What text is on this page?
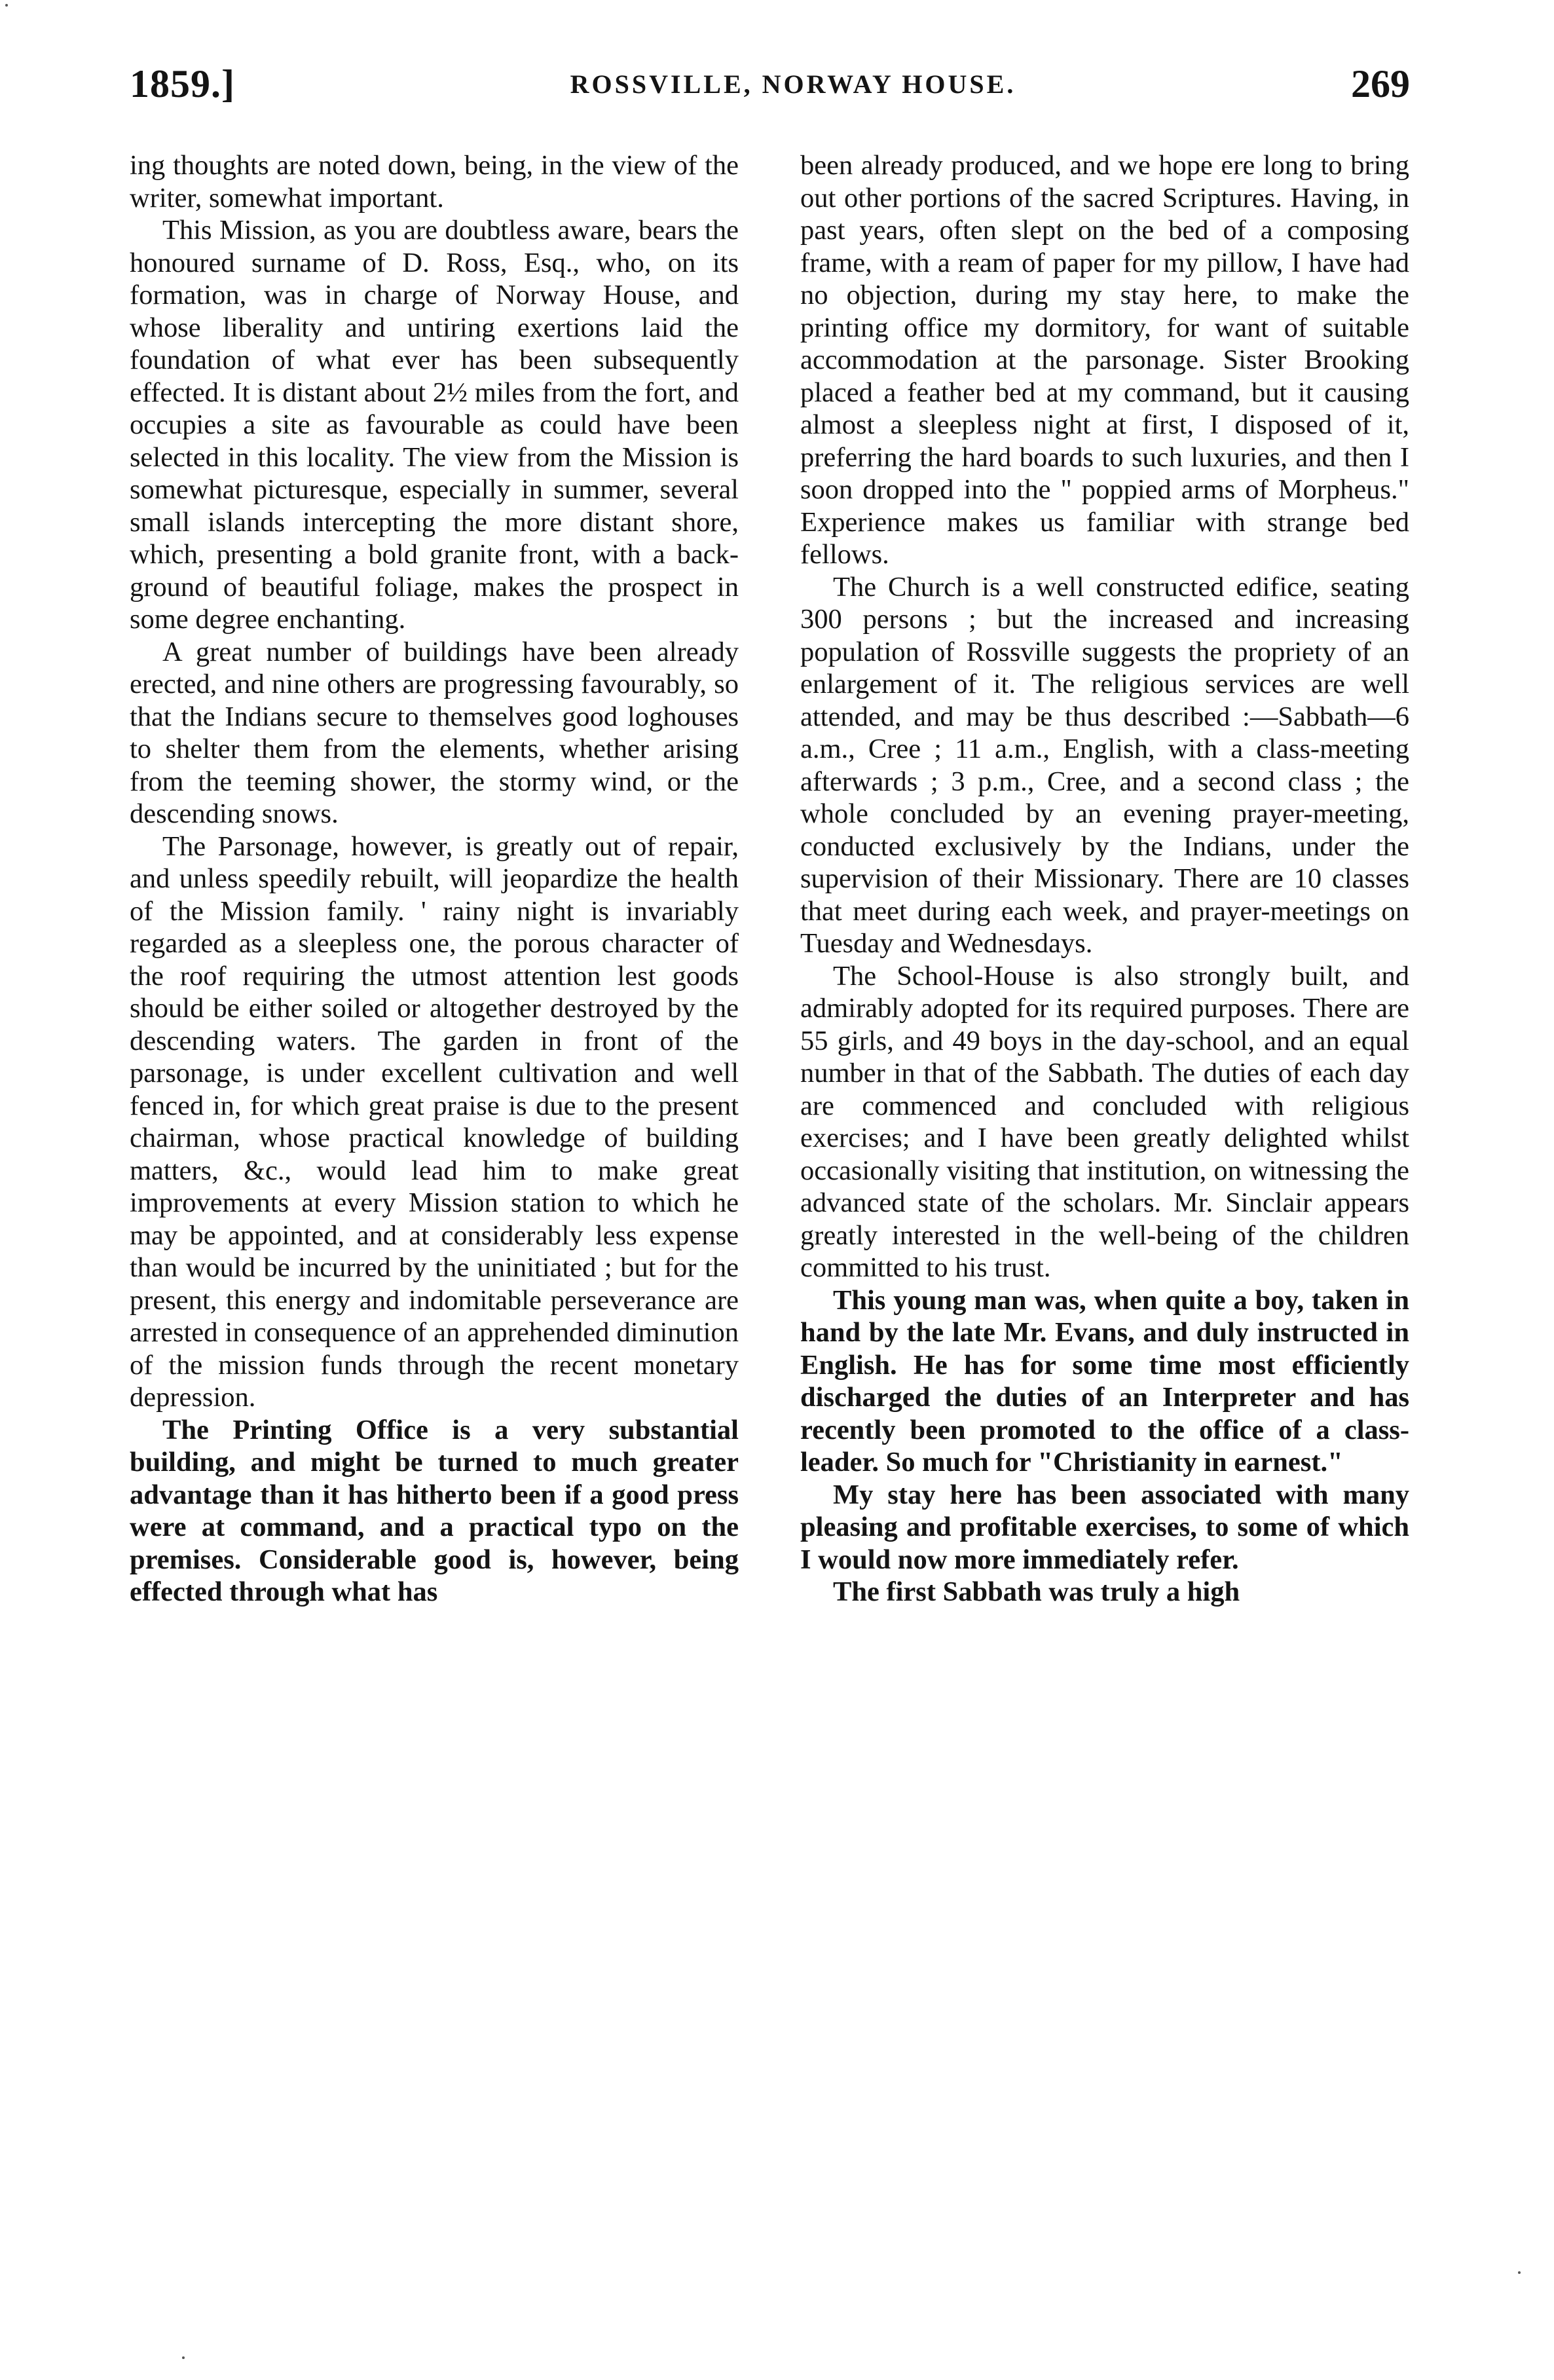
1859.]	ROSSVILLE, NORWAY HOUSE.	269

ing thoughts are noted down, being, in the view of the writer, somewhat important.

This Mission, as you are doubtless aware, bears the honoured surname of D. Ross, Esq., who, on its formation, was in charge of Norway House, and whose liberality and untiring exertions laid the foundation of what ever has been subsequently effected. It is distant about 2½ miles from the fort, and occupies a site as favourable as could have been selected in this locality. The view from the Mission is somewhat picturesque, especially in summer, several small islands intercepting the more distant shore, which, presenting a bold granite front, with a back-ground of beautiful foliage, makes the prospect in some degree enchanting.

A great number of buildings have been already erected, and nine others are progressing favourably, so that the Indians secure to themselves good loghouses to shelter them from the elements, whether arising from the teeming shower, the stormy wind, or the descending snows.

The Parsonage, however, is greatly out of repair, and unless speedily rebuilt, will jeopardize the health of the Mission family. ' rainy night is invariably regarded as a sleepless one, the porous character of the roof requiring the utmost attention lest goods should be either soiled or altogether destroyed by the descending waters. The garden in front of the parsonage, is under excellent cultivation and well fenced in, for which great praise is due to the present chairman, whose practical knowledge of building matters, &c., would lead him to make great improvements at every Mission station to which he may be appointed, and at considerably less expense than would be incurred by the uninitiated ; but for the present, this energy and indomitable perseverance are arrested in consequence of an apprehended diminution of the mission funds through the recent monetary depression.

The Printing Office is a very substantial building, and might be turned to much greater advantage than it has hitherto been if a good press were at command, and a practical typo on the premises. Considerable good is, however, being effected through what has

been already produced, and we hope ere long to bring out other portions of the sacred Scriptures. Having, in past years, often slept on the bed of a composing frame, with a ream of paper for my pillow, I have had no objection, during my stay here, to make the printing office my dormitory, for want of suitable accommodation at the parsonage. Sister Brooking placed a feather bed at my command, but it causing almost a sleepless night at first, I disposed of it, preferring the hard boards to such luxuries, and then I soon dropped into the " poppied arms of Morpheus." Experience makes us familiar with strange bed fellows.

The Church is a well constructed edifice, seating 300 persons ; but the increased and increasing population of Rossville suggests the propriety of an enlargement of it. The religious services are well attended, and may be thus described :—Sabbath—6 a.m., Cree ; 11 a.m., English, with a class-meeting afterwards ; 3 p.m., Cree, and a second class ; the whole concluded by an evening prayer-meeting, conducted exclusively by the Indians, under the supervision of their Missionary. There are 10 classes that meet during each week, and prayer-meetings on Tuesday and Wednesdays.

The School-House is also strongly built, and admirably adopted for its required purposes. There are 55 girls, and 49 boys in the day-school, and an equal number in that of the Sabbath. The duties of each day are commenced and concluded with religious exercises; and I have been greatly delighted whilst occasionally visiting that institution, on witnessing the advanced state of the scholars. Mr. Sinclair appears greatly interested in the well-being of the children committed to his trust.

This young man was, when quite a boy, taken in hand by the late Mr. Evans, and duly instructed in English. He has for some time most efficiently discharged the duties of an Interpreter and has recently been promoted to the office of a class-leader. So much for "Christianity in earnest."

My stay here has been associated with many pleasing and profitable exercises, to some of which I would now more immediately refer.

The first Sabbath was truly a high
